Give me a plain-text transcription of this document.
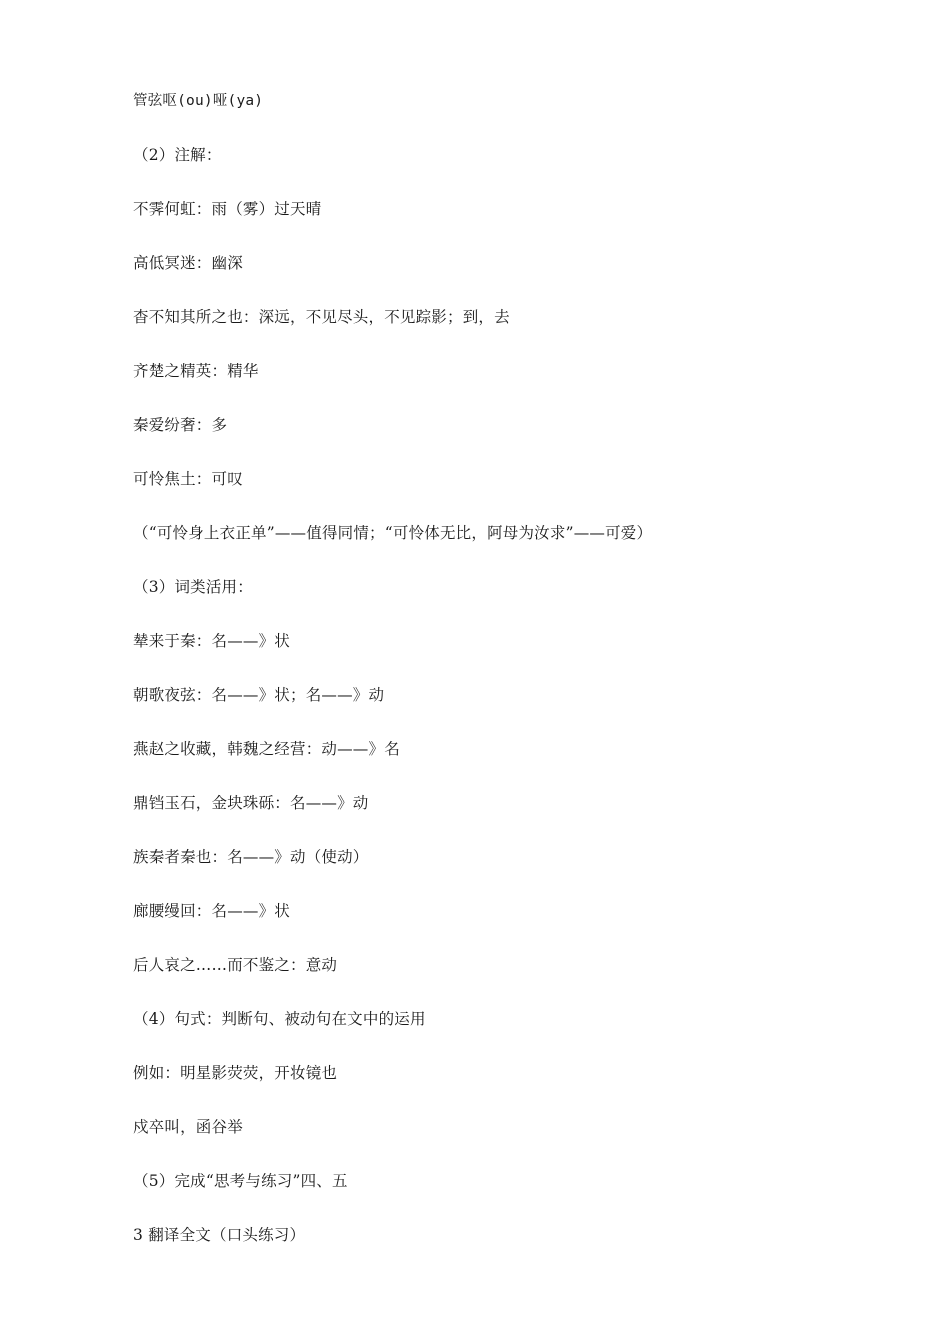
管弦呕(ou)哑(ya)
（2）注解：
不霁何虹：雨（雾）过天晴
高低冥迷：幽深
杳不知其所之也：深远，不见尽头，不见踪影；到，去
齐楚之精英：精华
秦爱纷奢：多
可怜焦土：可叹
（“可怜身上衣正单”——值得同情；“可怜体无比，阿母为汝求”——可爱）
（3）词类活用：
辇来于秦：名——》状
朝歌夜弦：名——》状；名——》动
燕赵之收藏，韩魏之经营：动——》名
鼎铛玉石，金块珠砾：名——》动
族秦者秦也：名——》动（使动）
廊腰缦回：名——》状
后人哀之……而不鉴之：意动
（4）句式：判断句、被动句在文中的运用
例如：明星影荧荧，开妆镜也
戍卒叫，函谷举
（5）完成“思考与练习”四、五
3 翻译全文（口头练习）
